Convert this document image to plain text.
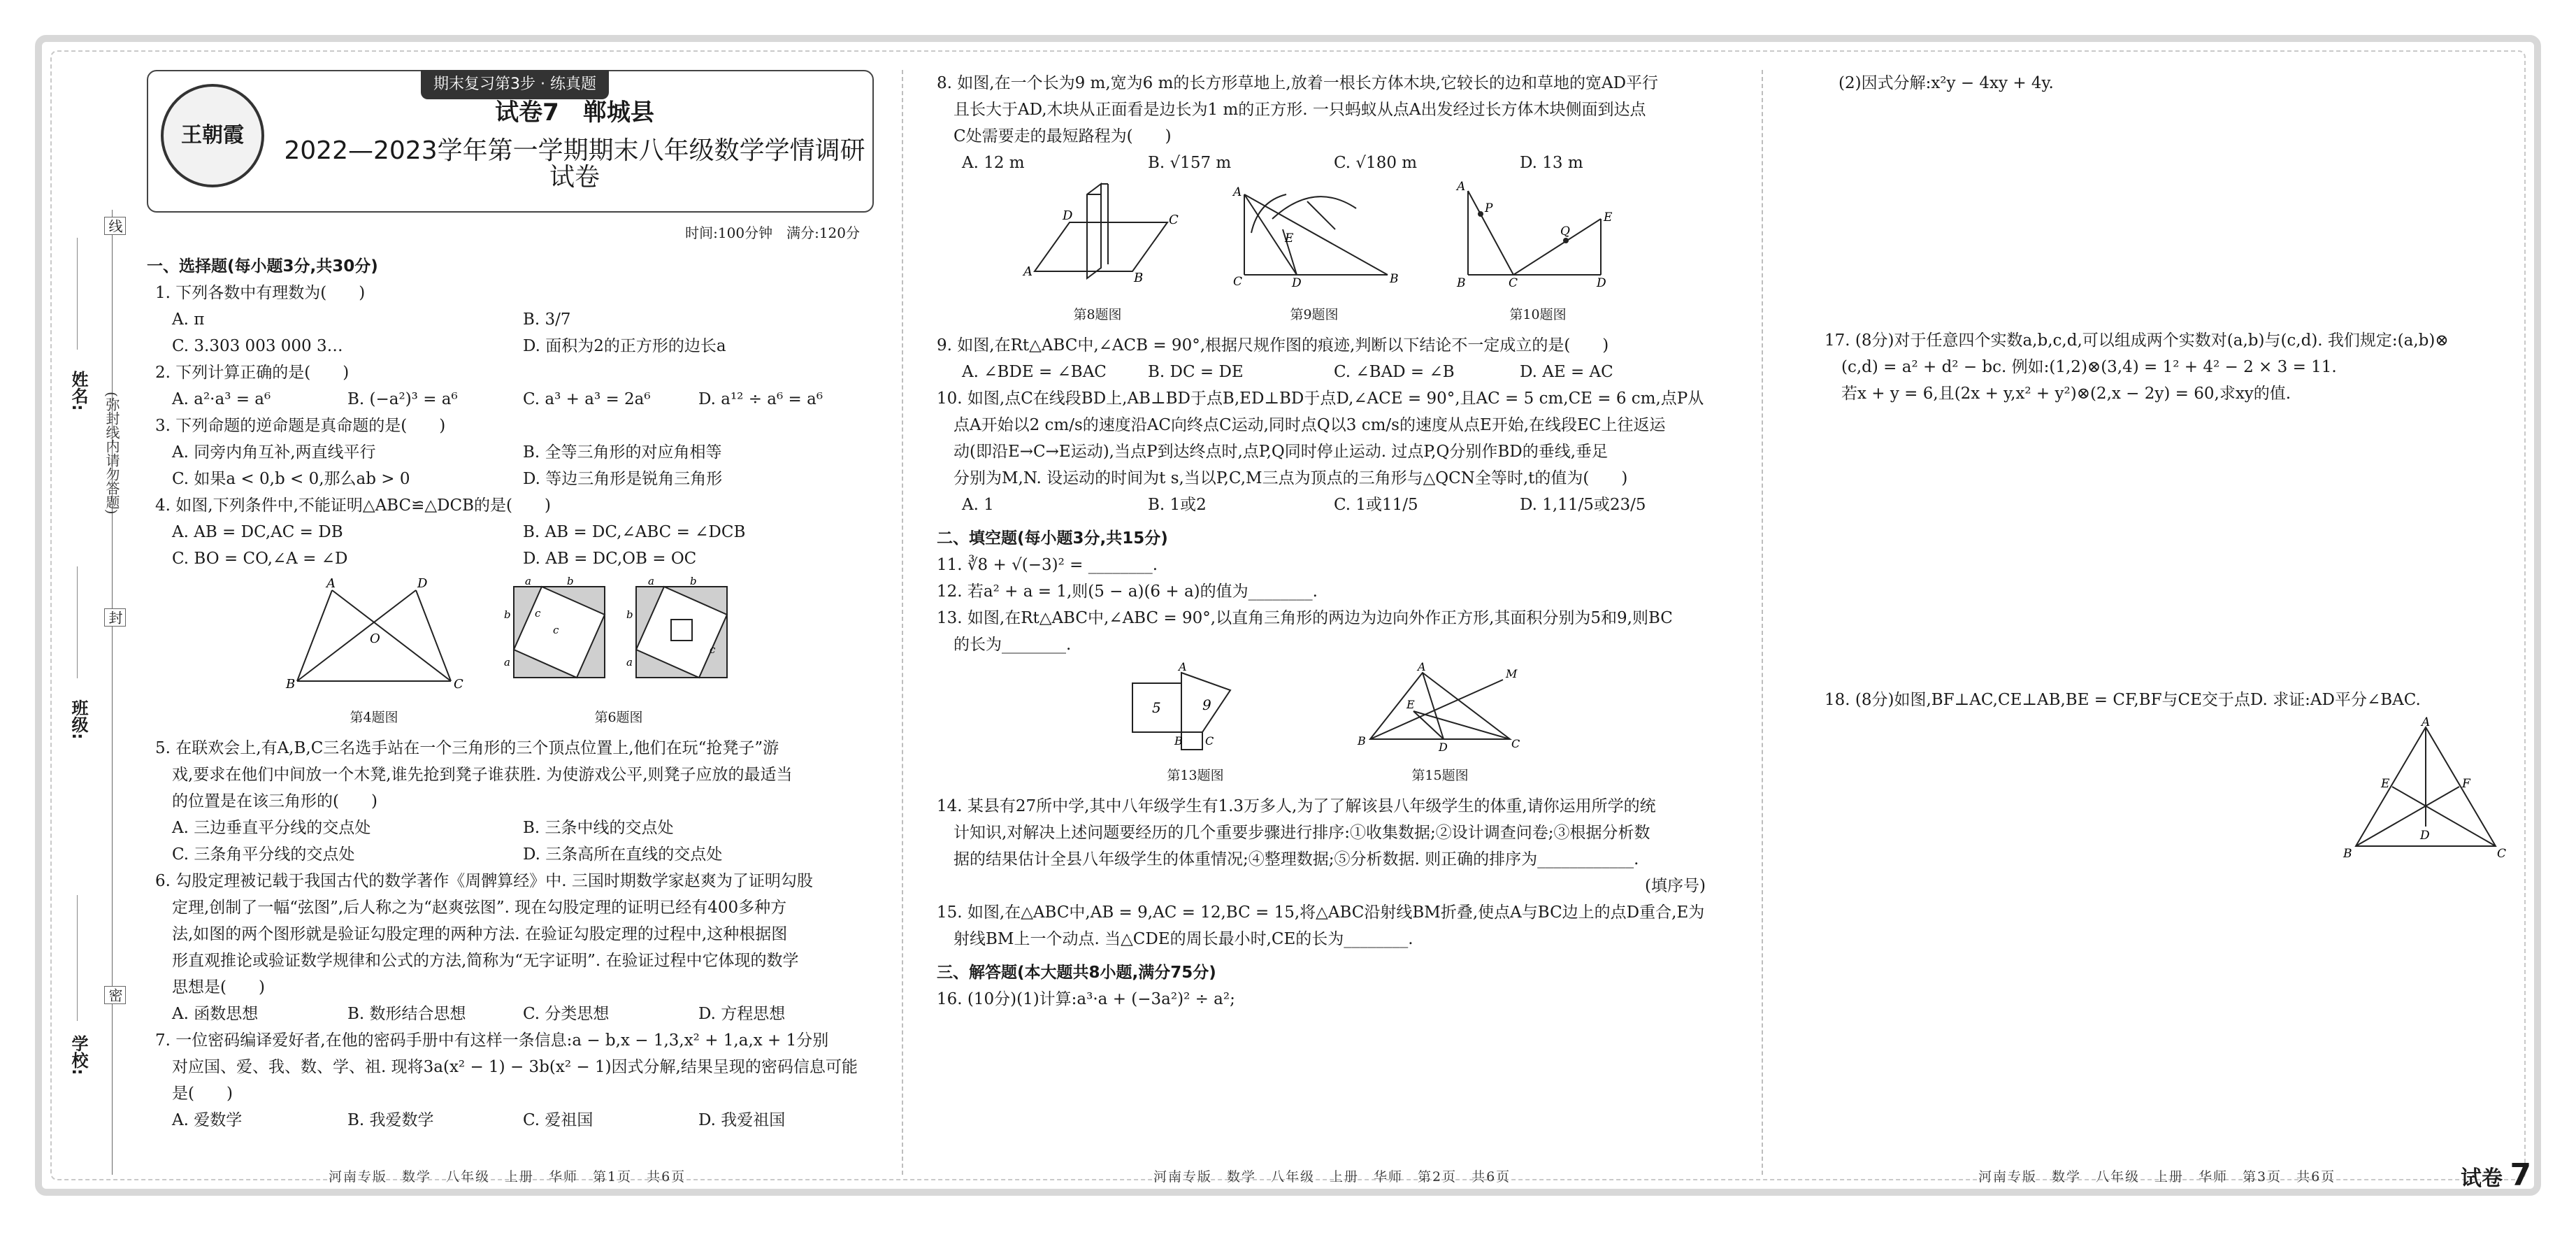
姓名:
班级:
学校:
线
(弥封线内请勿答题)
封
密
期末复习第3步 · 练真题
王朝霞
试卷7　郸城县
2022—2023学年第一学期期末八年级数学学情调研试卷
时间:100分钟　满分:120分
一、选择题(每小题3分,共30分)
1. 下列各数中有理数为(　　)
A. π	B. 3/7
C. 3.303 003 000 3…	D. 面积为2的正方形的边长a
2. 下列计算正确的是(　　)
A. a²·a³ = a⁶	B. (−a²)³ = a⁶	C. a³ + a³ = 2a⁶	D. a¹² ÷ a⁶ = a⁶
3. 下列命题的逆命题是真命题的是(　　)
A. 同旁内角互补,两直线平行	B. 全等三角形的对应角相等
C. 如果a < 0,b < 0,那么ab > 0	D. 等边三角形是锐角三角形
4. 如图,下列条件中,不能证明△ABC≌△DCB的是(　　)
A. AB = DC,AC = DB	B. AB = DC,∠ABC = ∠DCB
C. BO = CO,∠A = ∠D	D. AB = DC,OB = OC
A	D
B	C
O
第4题图
a	b
b
a
c
c
a	b
b
a
c
第6题图
5. 在联欢会上,有A,B,C三名选手站在一个三角形的三个顶点位置上,他们在玩“抢凳子”游
戏,要求在他们中间放一个木凳,谁先抢到凳子谁获胜. 为使游戏公平,则凳子应放的最适当
的位置是在该三角形的(　　)
A. 三边垂直平分线的交点处	B. 三条中线的交点处
C. 三条角平分线的交点处	D. 三条高所在直线的交点处
6. 勾股定理被记载于我国古代的数学著作《周髀算经》中. 三国时期数学家赵爽为了证明勾股
定理,创制了一幅“弦图”,后人称之为“赵爽弦图”. 现在勾股定理的证明已经有400多种方
法,如图的两个图形就是验证勾股定理的两种方法. 在验证勾股定理的过程中,这种根据图
形直观推论或验证数学规律和公式的方法,简称为“无字证明”. 在验证过程中它体现的数学
思想是(　　)
A. 函数思想	B. 数形结合思想	C. 分类思想	D. 方程思想
7. 一位密码编译爱好者,在他的密码手册中有这样一条信息:a − b,x − 1,3,x² + 1,a,x + 1分别
对应国、爱、我、数、学、祖. 现将3a(x² − 1) − 3b(x² − 1)因式分解,结果呈现的密码信息可能
是(　　)
A. 爱数学	B. 我爱数学	C. 爱祖国	D. 我爱祖国
8. 如图,在一个长为9 m,宽为6 m的长方形草地上,放着一根长方体木块,它较长的边和草地的宽AD平行
且长大于AD,木块从正面看是边长为1 m的正方形. 一只蚂蚁从点A出发经过长方体木块侧面到达点
C处需要走的最短路程为(　　)
A. 12 m	B. √157 m	C. √180 m	D. 13 m
A
D
B
C
第8题图
A
C	D	B
E
第9题图
A
P
Q
E
B	C	D
第10题图
9. 如图,在Rt△ABC中,∠ACB = 90°,根据尺规作图的痕迹,判断以下结论不一定成立的是(　　)
A. ∠BDE = ∠BAC	B. DC = DE	C. ∠BAD = ∠B	D. AE = AC
10. 如图,点C在线段BD上,AB⊥BD于点B,ED⊥BD于点D,∠ACE = 90°,且AC = 5 cm,CE = 6 cm,点P从
点A开始以2 cm/s的速度沿AC向终点C运动,同时点Q以3 cm/s的速度从点E开始,在线段EC上往返运
动(即沿E→C→E运动),当点P到达终点时,点P,Q同时停止运动. 过点P,Q分别作BD的垂线,垂足
分别为M,N. 设运动的时间为t s,当以P,C,M三点为顶点的三角形与△QCN全等时,t的值为(　　)
A. 1	B. 1或2	C. 1或11/5	D. 1,11/5或23/5
二、填空题(每小题3分,共15分)
11. ∛8 + √(−3)² = ________.
12. 若a² + a = 1,则(5 − a)(6 + a)的值为________.
13. 如图,在Rt△ABC中,∠ABC = 90°,以直角三角形的两边为边向外作正方形,其面积分别为5和9,则BC
的长为________.
5	9
A
B C
第13题图
A
M
E
B	D	C
第15题图
14. 某县有27所中学,其中八年级学生有1.3万多人,为了了解该县八年级学生的体重,请你运用所学的统
计知识,对解决上述问题要经历的几个重要步骤进行排序:①收集数据;②设计调查问卷;③根据分析数
据的结果估计全县八年级学生的体重情况;④整理数据;⑤分析数据. 则正确的排序为____________.
(填序号)
15. 如图,在△ABC中,AB = 9,AC = 12,BC = 15,将△ABC沿射线BM折叠,使点A与BC边上的点D重合,E为
射线BM上一个动点. 当△CDE的周长最小时,CE的长为________.
三、解答题(本大题共8小题,满分75分)
16. (10分)(1)计算:a³·a + (−3a²)² ÷ a²;
(2)因式分解:x²y − 4xy + 4y.
17. (8分)对于任意四个实数a,b,c,d,可以组成两个实数对(a,b)与(c,d). 我们规定:(a,b)⊗
(c,d) = a² + d² − bc. 例如:(1,2)⊗(3,4) = 1² + 4² − 2 × 3 = 11.
若x + y = 6,且(2x + y,x² + y²)⊗(2,x − 2y) = 60,求xy的值.
18. (8分)如图,BF⊥AC,CE⊥AB,BE = CF,BF与CE交于点D. 求证:AD平分∠BAC.
A
E	F
D
B	C
河南专版　数学　八年级　上册　华师　第1页　共6页	河南专版　数学　八年级　上册　华师　第2页　共6页	河南专版　数学　八年级　上册　华师　第3页　共6页	试卷 7
